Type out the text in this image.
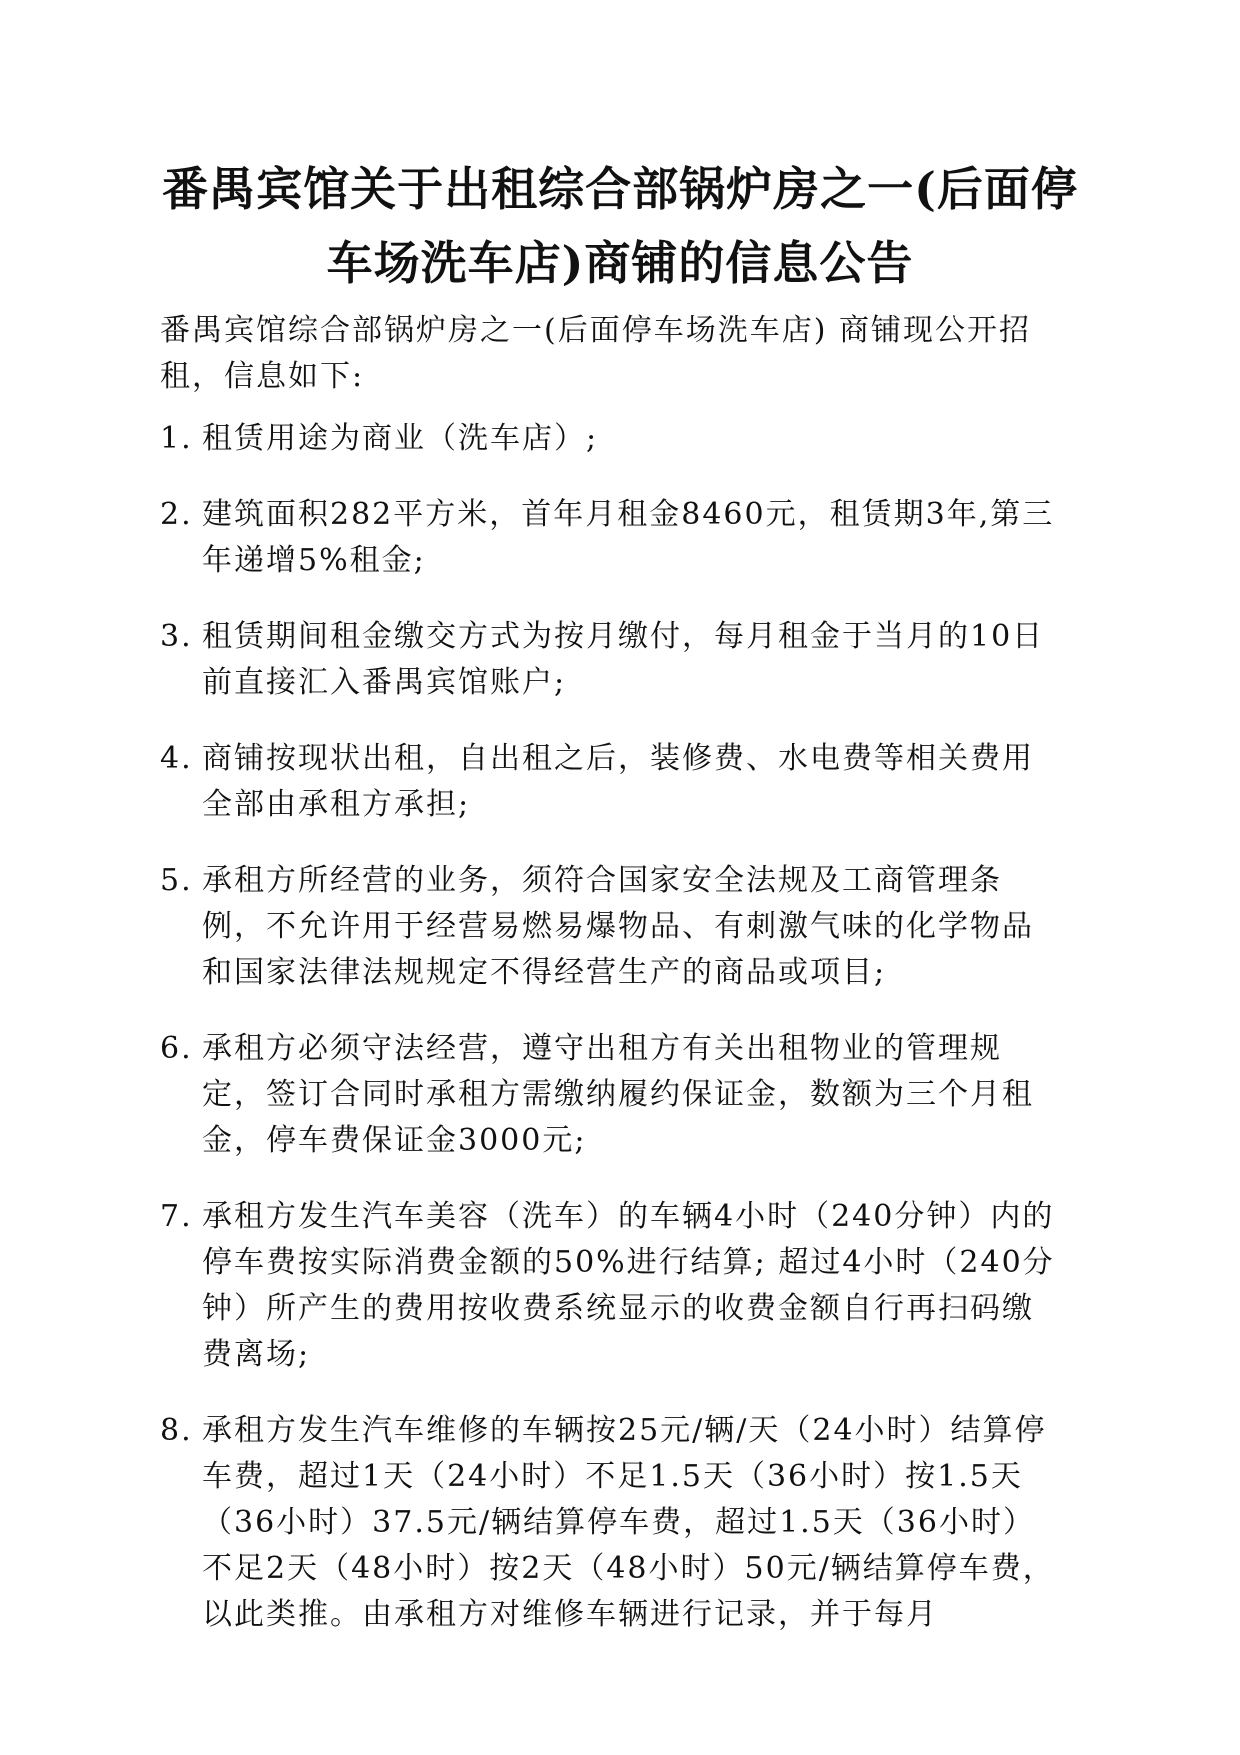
番禺宾馆关于出租综合部锅炉房之一(后面停车场洗车店)商铺的信息公告

番禺宾馆综合部锅炉房之一(后面停车场洗车店) 商铺现公开招租，信息如下:

1. 租赁用途为商业（洗车店）;
2. 建筑面积282平方米，首年月租金8460元，租赁期3年,第三年递增5%租金;
3. 租赁期间租金缴交方式为按月缴付，每月租金于当月的10日前直接汇入番禺宾馆账户;
4. 商铺按现状出租，自出租之后，装修费、水电费等相关费用全部由承租方承担;
5. 承租方所经营的业务，须符合国家安全法规及工商管理条例，不允许用于经营易燃易爆物品、有刺激气味的化学物品和国家法律法规规定不得经营生产的商品或项目;
6. 承租方必须守法经营，遵守出租方有关出租物业的管理规定，签订合同时承租方需缴纳履约保证金，数额为三个月租金，停车费保证金3000元;
7. 承租方发生汽车美容（洗车）的车辆4小时（240分钟）内的停车费按实际消费金额的50%进行结算; 超过4小时（240分钟）所产生的费用按收费系统显示的收费金额自行再扫码缴费离场;
8. 承租方发生汽车维修的车辆按25元/辆/天（24小时）结算停车费，超过1天（24小时）不足1.5天（36小时）按1.5天（36小时）37.5元/辆结算停车费，超过1.5天（36小时）不足2天（48小时）按2天（48小时）50元/辆结算停车费，以此类推。由承租方对维修车辆进行记录，并于每月
